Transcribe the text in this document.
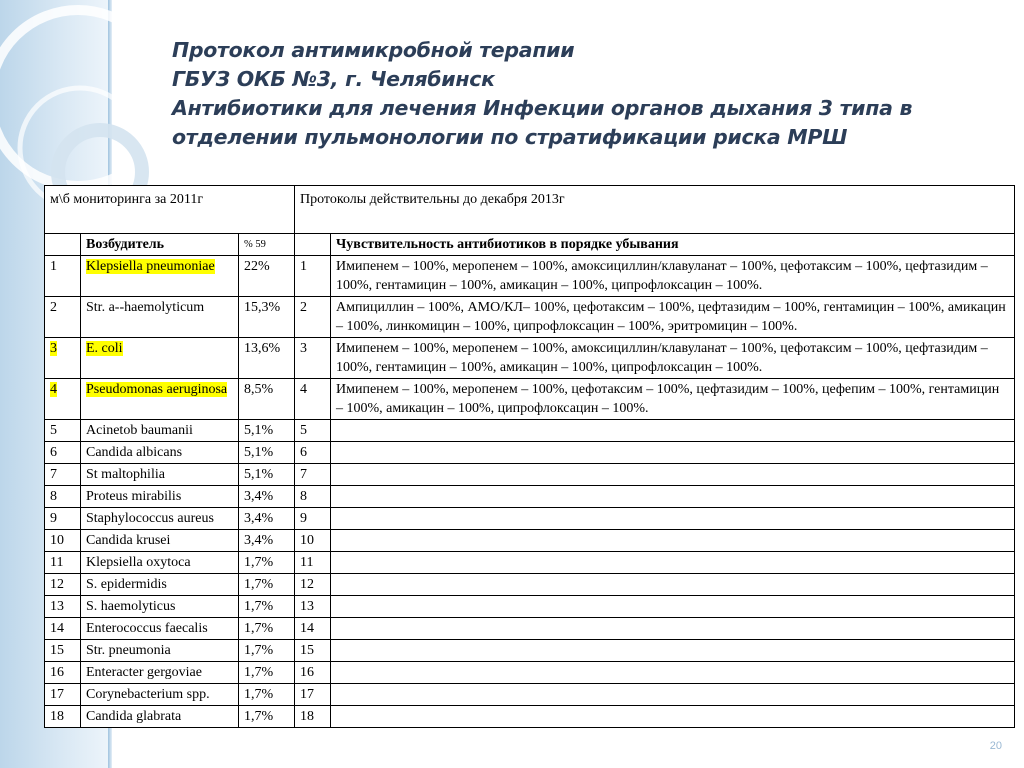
Протокол антимикробной терапии
ГБУЗ ОКБ №3, г. Челябинск
Антибиотики для лечения Инфекции органов дыхания 3 типа в
отделении пульмонологии по стратификации риска МРШ
м\б мониторинга за 2011г			Протоколы действительны до декабря 2013г	
	Возбудитель	% 59		Чувствительность антибиотиков в порядке убывания
1	Klepsiella pneumoniae	22%	1	Имипенем – 100%, меропенем – 100%, амоксициллин/клавуланат – 100%, цефотаксим – 100%, цефтазидим – 100%, гентамицин – 100%, амикацин – 100%, ципрофлоксацин – 100%.
2	Str. a--haemolyticum	15,3%	2	Ампициллин – 100%, АМО/КЛ– 100%, цефотаксим – 100%, цефтазидим – 100%, гентамицин – 100%, амикацин – 100%, линкомицин – 100%, ципрофлоксацин – 100%, эритромицин – 100%.
3	E. coli	13,6%	3	Имипенем – 100%, меропенем – 100%, амоксициллин/клавуланат – 100%, цефотаксим – 100%, цефтазидим – 100%, гентамицин – 100%, амикацин – 100%, ципрофлоксацин – 100%.
4	Pseudomonas aeruginosa	8,5%	4	Имипенем – 100%, меропенем – 100%, цефотаксим – 100%, цефтазидим – 100%, цефепим – 100%, гентамицин – 100%, амикацин – 100%, ципрофлоксацин – 100%.
5	Acinetob baumanii	5,1%	5	
6	Candida albicans	5,1%	6	
7	St maltophilia	5,1%	7	
8	Proteus mirabilis	3,4%	8	
9	Staphylococcus aureus	3,4%	9	
10	Candida krusei	3,4%	10	
11	Klepsiella oxytoca	1,7%	11	
12	S. epidermidis	1,7%	12	
13	S. haemolyticus	1,7%	13	
14	Enterococcus faecalis	1,7%	14	
15	Str. pneumonia	1,7%	15	
16	Enteracter gergoviae	1,7%	16	
17	Corynebacterium spp.	1,7%	17	
18	Candida glabrata	1,7%	18	
20
